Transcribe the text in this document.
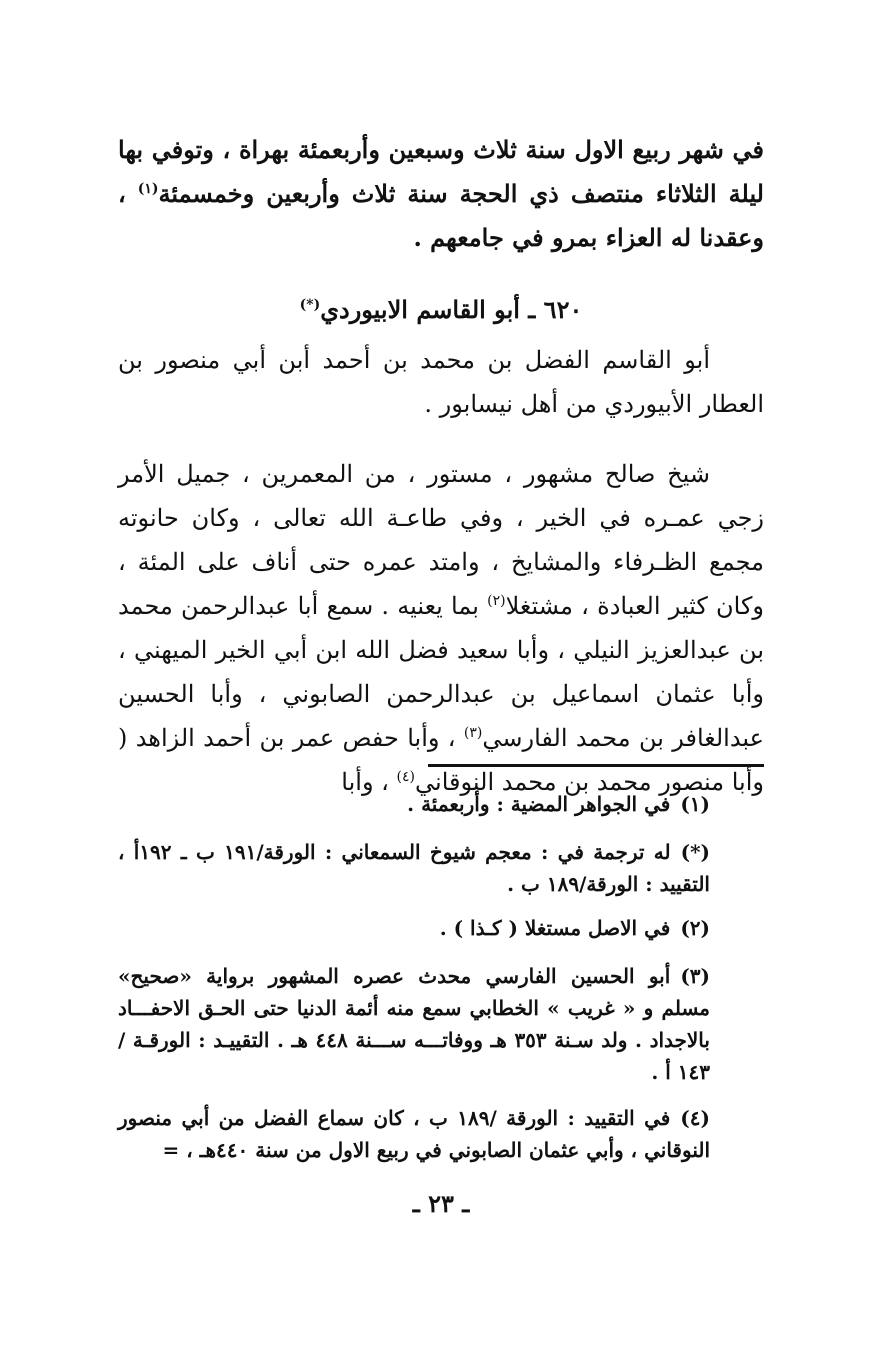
في شهر ربيع الاول سنة ثلاث وسبعين وأربعمئة بهراة ، وتوفي بها ليلة الثلاثاء منتصف ذي الحجة سنة ثلاث وأربعين وخمسمئة$^{(١)}$ ، وعقدنا له العزاء بمرو في جامعهم .

٦٢٠ ـ أبو القاسم الابيوردي(*)

أبو القاسم الفضل بن محمد بن أحمد أبن أبي منصور بن العطار الأبيوردي من أهل نيسابور .

شيخ صالح مشهور ، مستور ، من المعمرين ، جميل الأمر زجي عمـره في الخير ، وفي طاعـة الله تعالى ، وكان حانوته مجمع الظـرفاء والمشايخ ، وامتد عمره حتى أناف على المئة ، وكان كثير العبادة ، مشتغلا$^{(٢)}$ بما يعنيه . سمع أبا عبدالرحمن محمد بن عبدالعزيز النيلي ، وأبا سعيد فضل الله ابن أبي الخير الميهني ، وأبا عثمان اسماعيل بن عبدالرحمن الصابوني ، وأبا الحسين عبدالغافر بن محمد الفارسي$^{(٣)}$ ، وأبا حفص عمر بن أحمد الزاهد ( وأبا منصور محمد بن محمد النوقاني$^{(٤)}$ ، وأبا

(١)في الجواهر المضية : وأربعمئة .

(*)له ترجمة في : معجم شيوخ السمعاني : الورقة/١٩١ ب ـ ١٩٢أ ، التقييد : الورقة/١٨٩ ب .

(٢)في الاصل مستغلا ( كـذا ) .

(٣)أبو الحسين الفارسي محدث عصره المشهور برواية «صحيح» مسلم و « غريب » الخطابي سمع منه أئمة الدنيا حتى الحـق الاحفـــاد بالاجداد . ولد سـنة ٣٥٣ هـ ووفاتـــه ســـنة ٤٤٨ هـ . التقييـد : الورقـة /١٤٣ أ .

(٤)في التقييد : الورقة /١٨٩ ب ، كان سماع الفضل من أبي منصور النوقاني ، وأبي عثمان الصابوني في ربيع الاول من سنة ٤٤٠هـ ، =

ـ ٢٣ ـ
